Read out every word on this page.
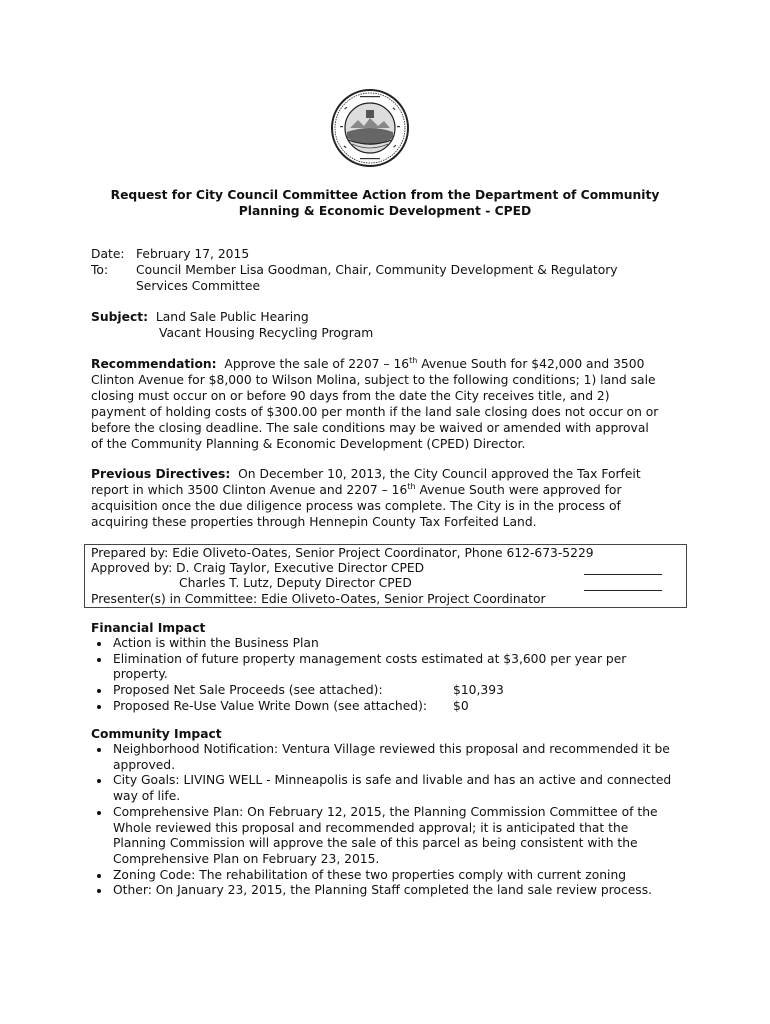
Request for City Council Committee Action from the Department of Community
Planning & Economic Development - CPED
Date: February 17, 2015
To:	Council Member Lisa Goodman, Chair, Community Development & Regulatory
Services Committee
Subject: Land Sale Public Hearing
Vacant Housing Recycling Program
Recommendation: Approve the sale of 2207 – 16th Avenue South for $42,000 and 3500
Clinton Avenue for $8,000 to Wilson Molina, subject to the following conditions; 1) land sale
closing must occur on or before 90 days from the date the City receives title, and 2)
payment of holding costs of $300.00 per month if the land sale closing does not occur on or
before the closing deadline. The sale conditions may be waived or amended with approval
of the Community Planning & Economic Development (CPED) Director.
Previous Directives: On December 10, 2013, the City Council approved the Tax Forfeit
report in which 3500 Clinton Avenue and 2207 – 16th Avenue South were approved for
acquisition once the due diligence process was complete. The City is in the process of
acquiring these properties through Hennepin County Tax Forfeited Land.
Prepared by: Edie Oliveto-Oates, Senior Project Coordinator, Phone 612-673-5229
Approved by: D. Craig Taylor, Executive Director CPED
Charles T. Lutz, Deputy Director CPED
Presenter(s) in Committee: Edie Oliveto-Oates, Senior Project Coordinator
Financial Impact
Action is within the Business Plan
Elimination of future property management costs estimated at $3,600 per year per property.
Proposed Net Sale Proceeds (see attached):	$10,393
Proposed Re-Use Value Write Down (see attached): $0
Community Impact
Neighborhood Notification: Ventura Village reviewed this proposal and recommended it be approved.
City Goals: LIVING WELL - Minneapolis is safe and livable and has an active and connected way of life.
Comprehensive Plan: On February 12, 2015, the Planning Commission Committee of the Whole reviewed this proposal and recommended approval; it is anticipated that the Planning Commission will approve the sale of this parcel as being consistent with the Comprehensive Plan on February 23, 2015.
Zoning Code: The rehabilitation of these two properties comply with current zoning
Other: On January 23, 2015, the Planning Staff completed the land sale review process.
